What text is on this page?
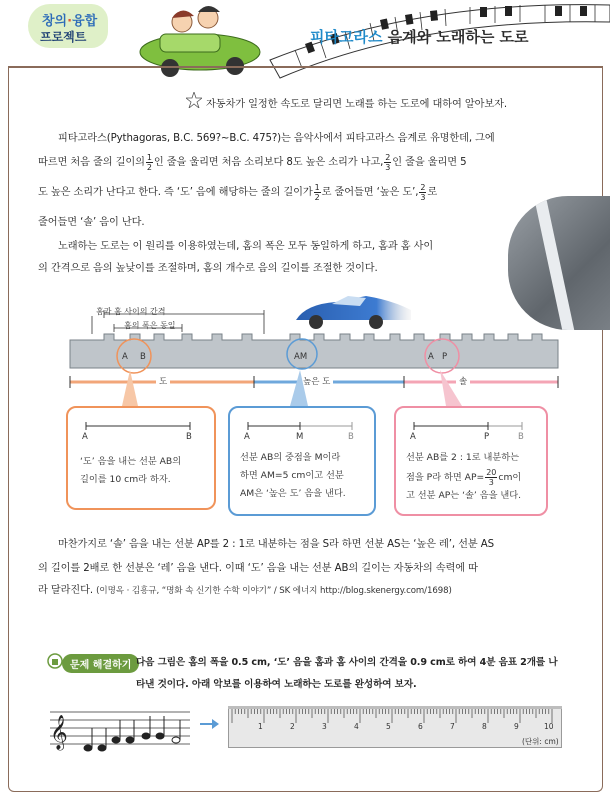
창의·융합
프로젝트	피타고라스 음계와 노래하는 도로
자동차가 일정한 속도로 달리면 노래를 하는 도로에 대하여 알아보자.
피타고라스(Pythagoras, B.C. 569?~B.C. 475?)는 음악사에서 피타고라스 음계로 유명한데, 그에
따르면 처음 줄의 길이의 $\frac{1}{2}$ 인 줄을 울리면 처음 소리보다 8도 높은 소리가 나고, $\frac{2}{3}$ 인 줄을 울리면 5
도 높은 소리가 난다고 한다. 즉 ‘도’ 음에 해당하는 줄의 길이가 $\frac{1}{2}$ 로 줄어들면 ‘높은 도’, $\frac{2}{3}$ 로
줄어들면 ‘솔’ 음이 난다.
노래하는 도로는 이 원리를 이용하였는데, 홈의 폭은 모두 동일하게 하고, 홈과 홈 사이
의 간격으로 음의 높낮이를 조절하며, 홈의 개수로 음의 길이를 조절한 것이다.
홈과 홈 사이의 간격
홈의 폭은 동일
A B	AM	A P
도	높은 도	솔
A	B
‘도’ 음을 내는 선분 AB의
길이를 10 cm라 하자.
A	M	B
선분 AB의 중점을 M이라
하면 AM=5 cm이고 선분
AM은 ‘높은 도’ 음을 낸다.
A	P	B
선분 AB를 2 : 1로 내분하는
점을 P라 하면 $AP= \frac{20}{3}$ cm이
고 선분 AP는 ‘솔’ 음을 낸다.
마찬가지로 ‘솔’ 음을 내는 선분 AP를 2 : 1로 내분하는 점을 S라 하면 선분 AS는 ‘높은 레’, 선분 AS
의 길이를 2배로 한 선분은 ‘레’ 음을 낸다. 이때 ‘도’ 음을 내는 선분 AB의 길이는 자동차의 속력에 따
라 달라진다. (이명옥 · 김흥규, “명화 속 신기한 수학 이야기” / SK 에너지 http://blog.skenergy.com/1698)
문제 해결하기 다음 그림은 홈의 폭을 0.5 cm, ‘도’ 음을 홈과 홈 사이의 간격을 0.9 cm로 하여 4분 음표 2개를 나
타낸 것이다. 아래 악보를 이용하여 노래하는 도로를 완성하여 보자.
𝄞	1	2	3	4	5	6	7	8	9	10
(단위: cm)
